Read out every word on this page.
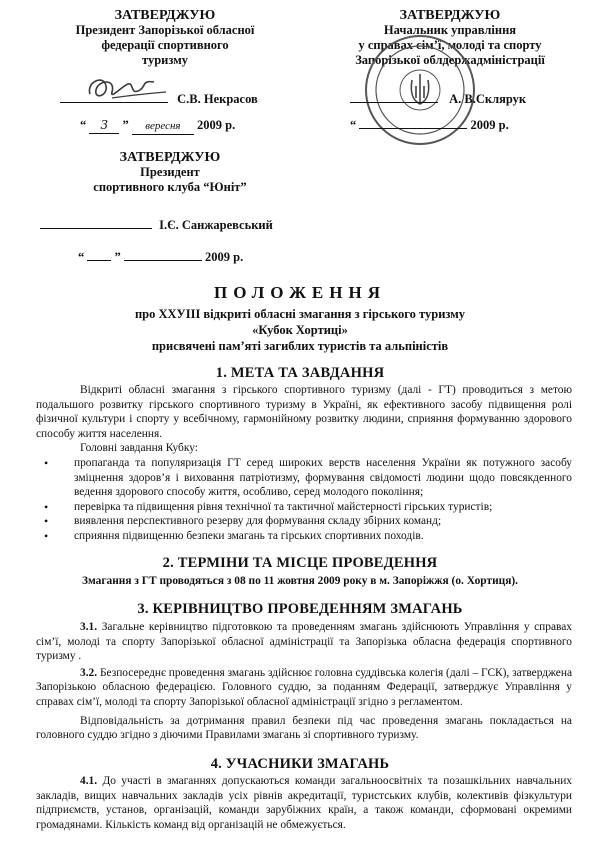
ЗАТВЕРДЖУЮ
Президент Запорізької обласної
федерації спортивного
туризму
С.В. Некрасов
“ 3 ” вересня 2009 р.
ЗАТВЕРДЖУЮ
Начальник управління
у справах сім’ї, молоді та спорту
Запорізької облдержадміністрації
А. В.Склярук
“	2009 р.
ЗАТВЕРДЖУЮ
Президент
спортивного клуба “Юніт”
І.Є. Санжаревський
“ ”	2009 р.
ПОЛОЖЕННЯ
про XXУІІІ відкриті обласні змагання з гірського туризму
«Кубок Хортиці»
присвячені пам’яті загиблих туристів та альпіністів
1. МЕТА ТА ЗАВДАННЯ
Відкриті обласні змагання з гірського спортивного туризму (далі - ГТ) проводиться з метою подальшого розвитку гірського спортивного туризму в Україні, як ефективного засобу підвищення ролі фізичної культури і спорту у всебічному, гармонійному розвитку людини, сприяння формуванню здорового способу життя населення.
Головні завдання Кубку:
• пропаганда та популяризація ГТ серед широких верств населення України як потужного засобу зміцнення здоров’я і виховання патріотизму, формування свідомості людини щодо повсякденного ведення здорового способу життя, особливо, серед молодого покоління;
• перевірка та підвищення рівня технічної та тактичної майстерності гірських туристів;
• виявлення перспективного резерву для формування складу збірних команд;
• сприяння підвищенню безпеки змагань та гірських спортивних походів.
2. ТЕРМІНИ ТА МІСЦЕ ПРОВЕДЕННЯ
Змагання з ГТ проводяться з 08 по 11 жовтня 2009 року в м. Запоріжжя (о. Хортиця).
3. КЕРІВНИЦТВО ПРОВЕДЕННЯМ ЗМАГАНЬ
3.1. Загальне керівництво підготовкою та проведенням змагань здійснюють Управління у справах сім’ї, молоді та спорту Запорізької обласної адміністрації та Запорізька обласна федерація спортивного туризму .
3.2. Безпосереднє проведення змагань здійснює головна суддівська колегія (далі – ГСК), затверджена Запорізькою обласною федерацією. Головного суддю, за поданням Федерації, затверджує Управління у справах сім’ї, молоді та спорту Запорізької обласної адміністрації згідно з регламентом.
Відповідальність за дотримання правил безпеки під час проведення змагань покладається на головного суддю згідно з діючими Правилами змагань зі спортивного туризму.
4. УЧАСНИКИ ЗМАГАНЬ
4.1. До участі в змаганнях допускаються команди загальноосвітніх та позашкільних навчальних закладів, вищих навчальних закладів усіх рівнів акредитації, туристських клубів, колективів фізкультури підприємств, установ, організацій, команди зарубіжних країн, а також команди, сформовані окремими громадянами. Кількість команд від організацій не обмежується.
